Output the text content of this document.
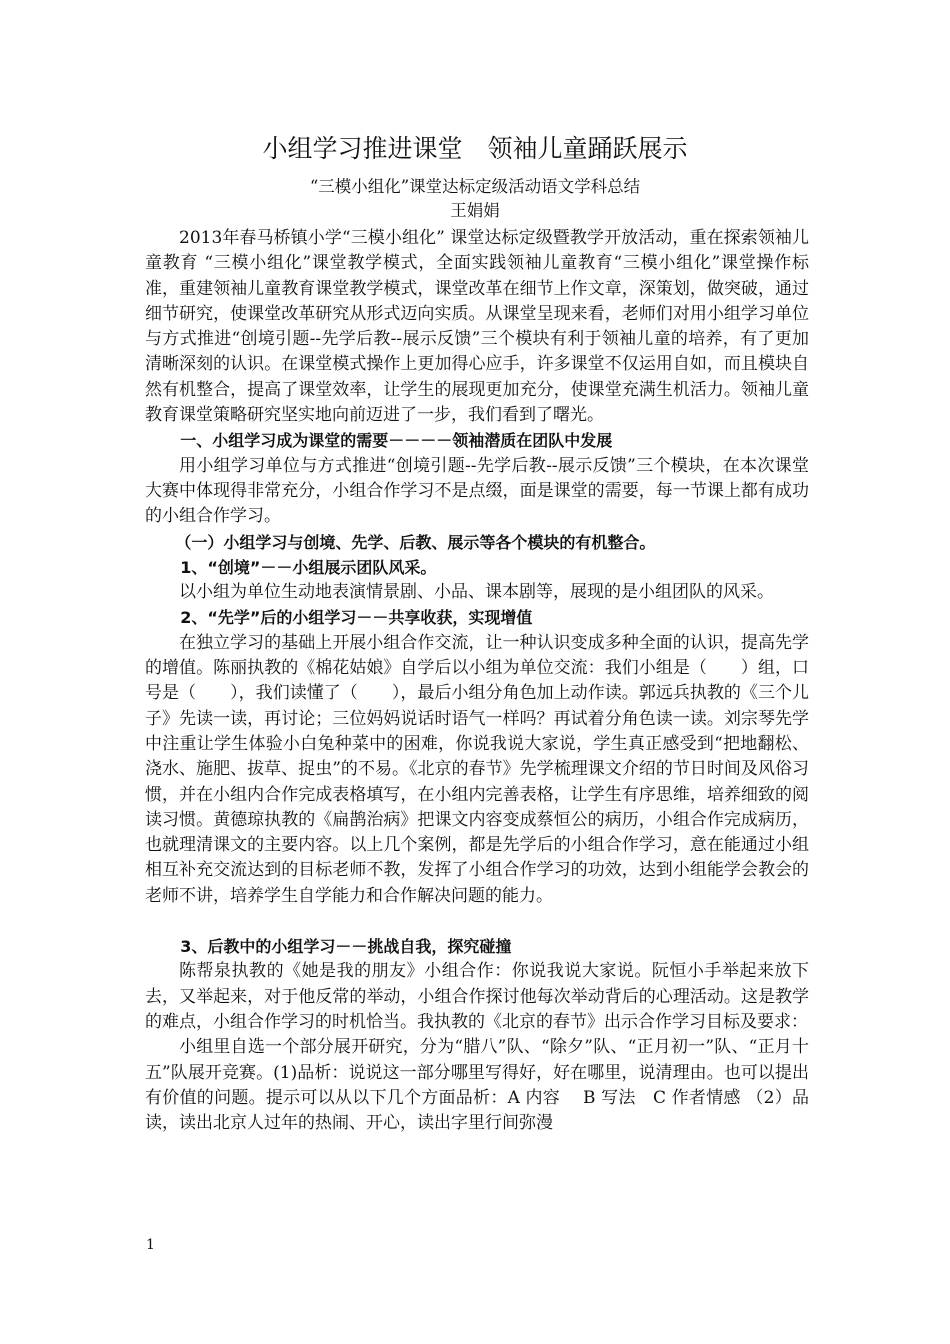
小组学习推进课堂　领袖儿童踊跃展示
“三模小组化”课堂达标定级活动语文学科总结
王娟娟

2013年春马桥镇小学“三模小组化” 课堂达标定级暨教学开放活动，重在探索领袖儿童教育 “三模小组化”课堂教学模式，全面实践领袖儿童教育“三模小组化”课堂操作标准，重建领袖儿童教育课堂教学模式，课堂改革在细节上作文章，深策划，做突破，通过细节研究，使课堂改革研究从形式迈向实质。从课堂呈现来看，老师们对用小组学习单位与方式推进“创境引题--先学后教--展示反馈”三个模块有利于领袖儿童的培养，有了更加清晰深刻的认识。在课堂模式操作上更加得心应手，许多课堂不仅运用自如，而且模块自然有机整合，提高了课堂效率，让学生的展现更加充分，使课堂充满生机活力。领袖儿童教育课堂策略研究坚实地向前迈进了一步，我们看到了曙光。

一、小组学习成为课堂的需要－－－－领袖潜质在团队中发展

用小组学习单位与方式推进“创境引题--先学后教--展示反馈”三个模块，在本次课堂大赛中体现得非常充分，小组合作学习不是点缀，面是课堂的需要，每一节课上都有成功的小组合作学习。

（一）小组学习与创境、先学、后教、展示等各个模块的有机整合。

1、“创境”－－小组展示团队风采。

以小组为单位生动地表演情景剧、小品、课本剧等，展现的是小组团队的风采。

2、“先学”后的小组学习－－共享收获，实现增值

在独立学习的基础上开展小组合作交流，让一种认识变成多种全面的认识，提高先学的增值。陈丽执教的《棉花姑娘》自学后以小组为单位交流：我们小组是（　　）组，口号是（　　），我们读懂了（　　），最后小组分角色加上动作读。郭远兵执教的《三个儿子》先读一读，再讨论；三位妈妈说话时语气一样吗？再试着分角色读一读。刘宗琴先学中注重让学生体验小白兔种菜中的困难，你说我说大家说，学生真正感受到“把地翻松、浇水、施肥、拔草、捉虫”的不易。《北京的春节》先学梳理课文介绍的节日时间及风俗习惯，并在小组内合作完成表格填写，在小组内完善表格，让学生有序思维，培养细致的阅读习惯。黄德琼执教的《扁鹊治病》把课文内容变成蔡恒公的病历，小组合作完成病历，也就理清课文的主要内容。以上几个案例，都是先学后的小组合作学习，意在能通过小组相互补充交流达到的目标老师不教，发挥了小组合作学习的功效，达到小组能学会教会的老师不讲，培养学生自学能力和合作解决问题的能力。

3、后教中的小组学习－－挑战自我，探究碰撞

陈帮泉执教的《她是我的朋友》小组合作：你说我说大家说。阮恒小手举起来放下去，又举起来，对于他反常的举动，小组合作探讨他每次举动背后的心理活动。这是教学的难点，小组合作学习的时机恰当。我执教的《北京的春节》出示合作学习目标及要求：

小组里自选一个部分展开研究，分为“腊八”队、“除夕”队、“正月初一”队、“正月十五”队展开竞赛。(1)品析：说说这一部分哪里写得好，好在哪里，说清理由。也可以提出有价值的问题。提示可以从以下几个方面品析：A 内容　 B 写法　C 作者情感 （2）品读，读出北京人过年的热闹、开心，读出字里行间弥漫

1
